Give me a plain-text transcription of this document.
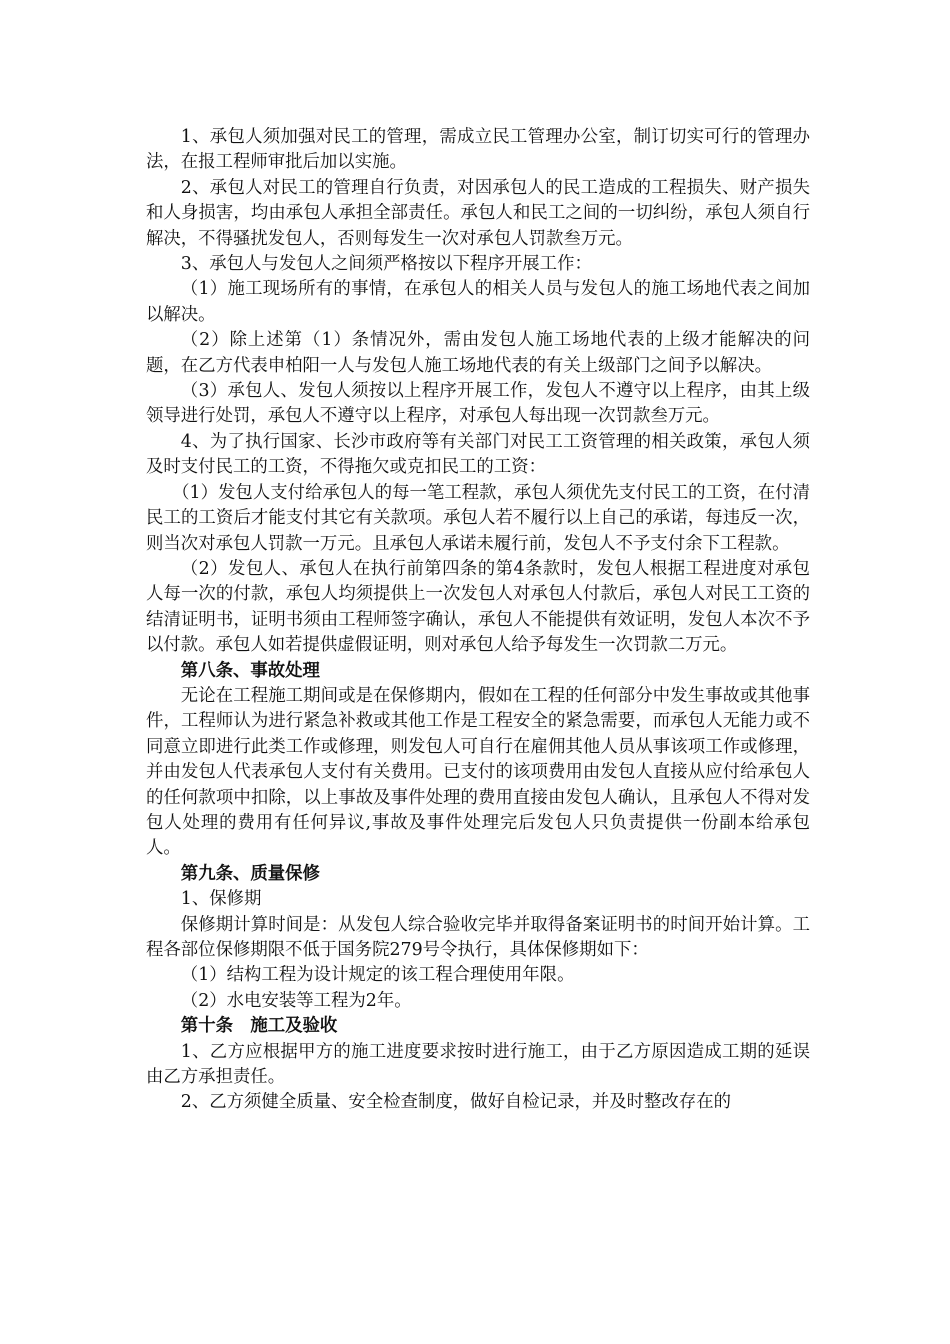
1、承包人须加强对民工的管理，需成立民工管理办公室，制订切实可行的管理办法，在报工程师审批后加以实施。

2、承包人对民工的管理自行负责，对因承包人的民工造成的工程损失、财产损失和人身损害，均由承包人承担全部责任。承包人和民工之间的一切纠纷，承包人须自行解决，不得骚扰发包人，否则每发生一次对承包人罚款叁万元。

3、承包人与发包人之间须严格按以下程序开展工作：

（1）施工现场所有的事情，在承包人的相关人员与发包人的施工场地代表之间加以解决。

（2）除上述第（1）条情况外，需由发包人施工场地代表的上级才能解决的问题，在乙方代表申柏阳一人与发包人施工场地代表的有关上级部门之间予以解决。

（3）承包人、发包人须按以上程序开展工作，发包人不遵守以上程序，由其上级领导进行处罚，承包人不遵守以上程序，对承包人每出现一次罚款叁万元。

4、为了执行国家、长沙市政府等有关部门对民工工资管理的相关政策，承包人须及时支付民工的工资，不得拖欠或克扣民工的工资：

（1）发包人支付给承包人的每一笔工程款，承包人须优先支付民工的工资，在付清民工的工资后才能支付其它有关款项。承包人若不履行以上自己的承诺，每违反一次，则当次对承包人罚款一万元。且承包人承诺未履行前，发包人不予支付余下工程款。

（2）发包人、承包人在执行前第四条的第4条款时，发包人根据工程进度对承包人每一次的付款，承包人均须提供上一次发包人对承包人付款后，承包人对民工工资的结清证明书，证明书须由工程师签字确认，承包人不能提供有效证明，发包人本次不予以付款。承包人如若提供虚假证明，则对承包人给予每发生一次罚款二万元。

第八条、事故处理

无论在工程施工期间或是在保修期内，假如在工程的任何部分中发生事故或其他事件，工程师认为进行紧急补救或其他工作是工程安全的紧急需要，而承包人无能力或不同意立即进行此类工作或修理，则发包人可自行在雇佣其他人员从事该项工作或修理，并由发包人代表承包人支付有关费用。已支付的该项费用由发包人直接从应付给承包人的任何款项中扣除，以上事故及事件处理的费用直接由发包人确认，且承包人不得对发包人处理的费用有任何异议,事故及事件处理完后发包人只负责提供一份副本给承包人。

第九条、质量保修

1、保修期

保修期计算时间是：从发包人综合验收完毕并取得备案证明书的时间开始计算。工程各部位保修期限不低于国务院279号令执行，具体保修期如下：

（1）结构工程为设计规定的该工程合理使用年限。

（2）水电安装等工程为2年。

第十条　施工及验收

1、乙方应根据甲方的施工进度要求按时进行施工，由于乙方原因造成工期的延误由乙方承担责任。

2、乙方须健全质量、安全检查制度，做好自检记录，并及时整改存在的
